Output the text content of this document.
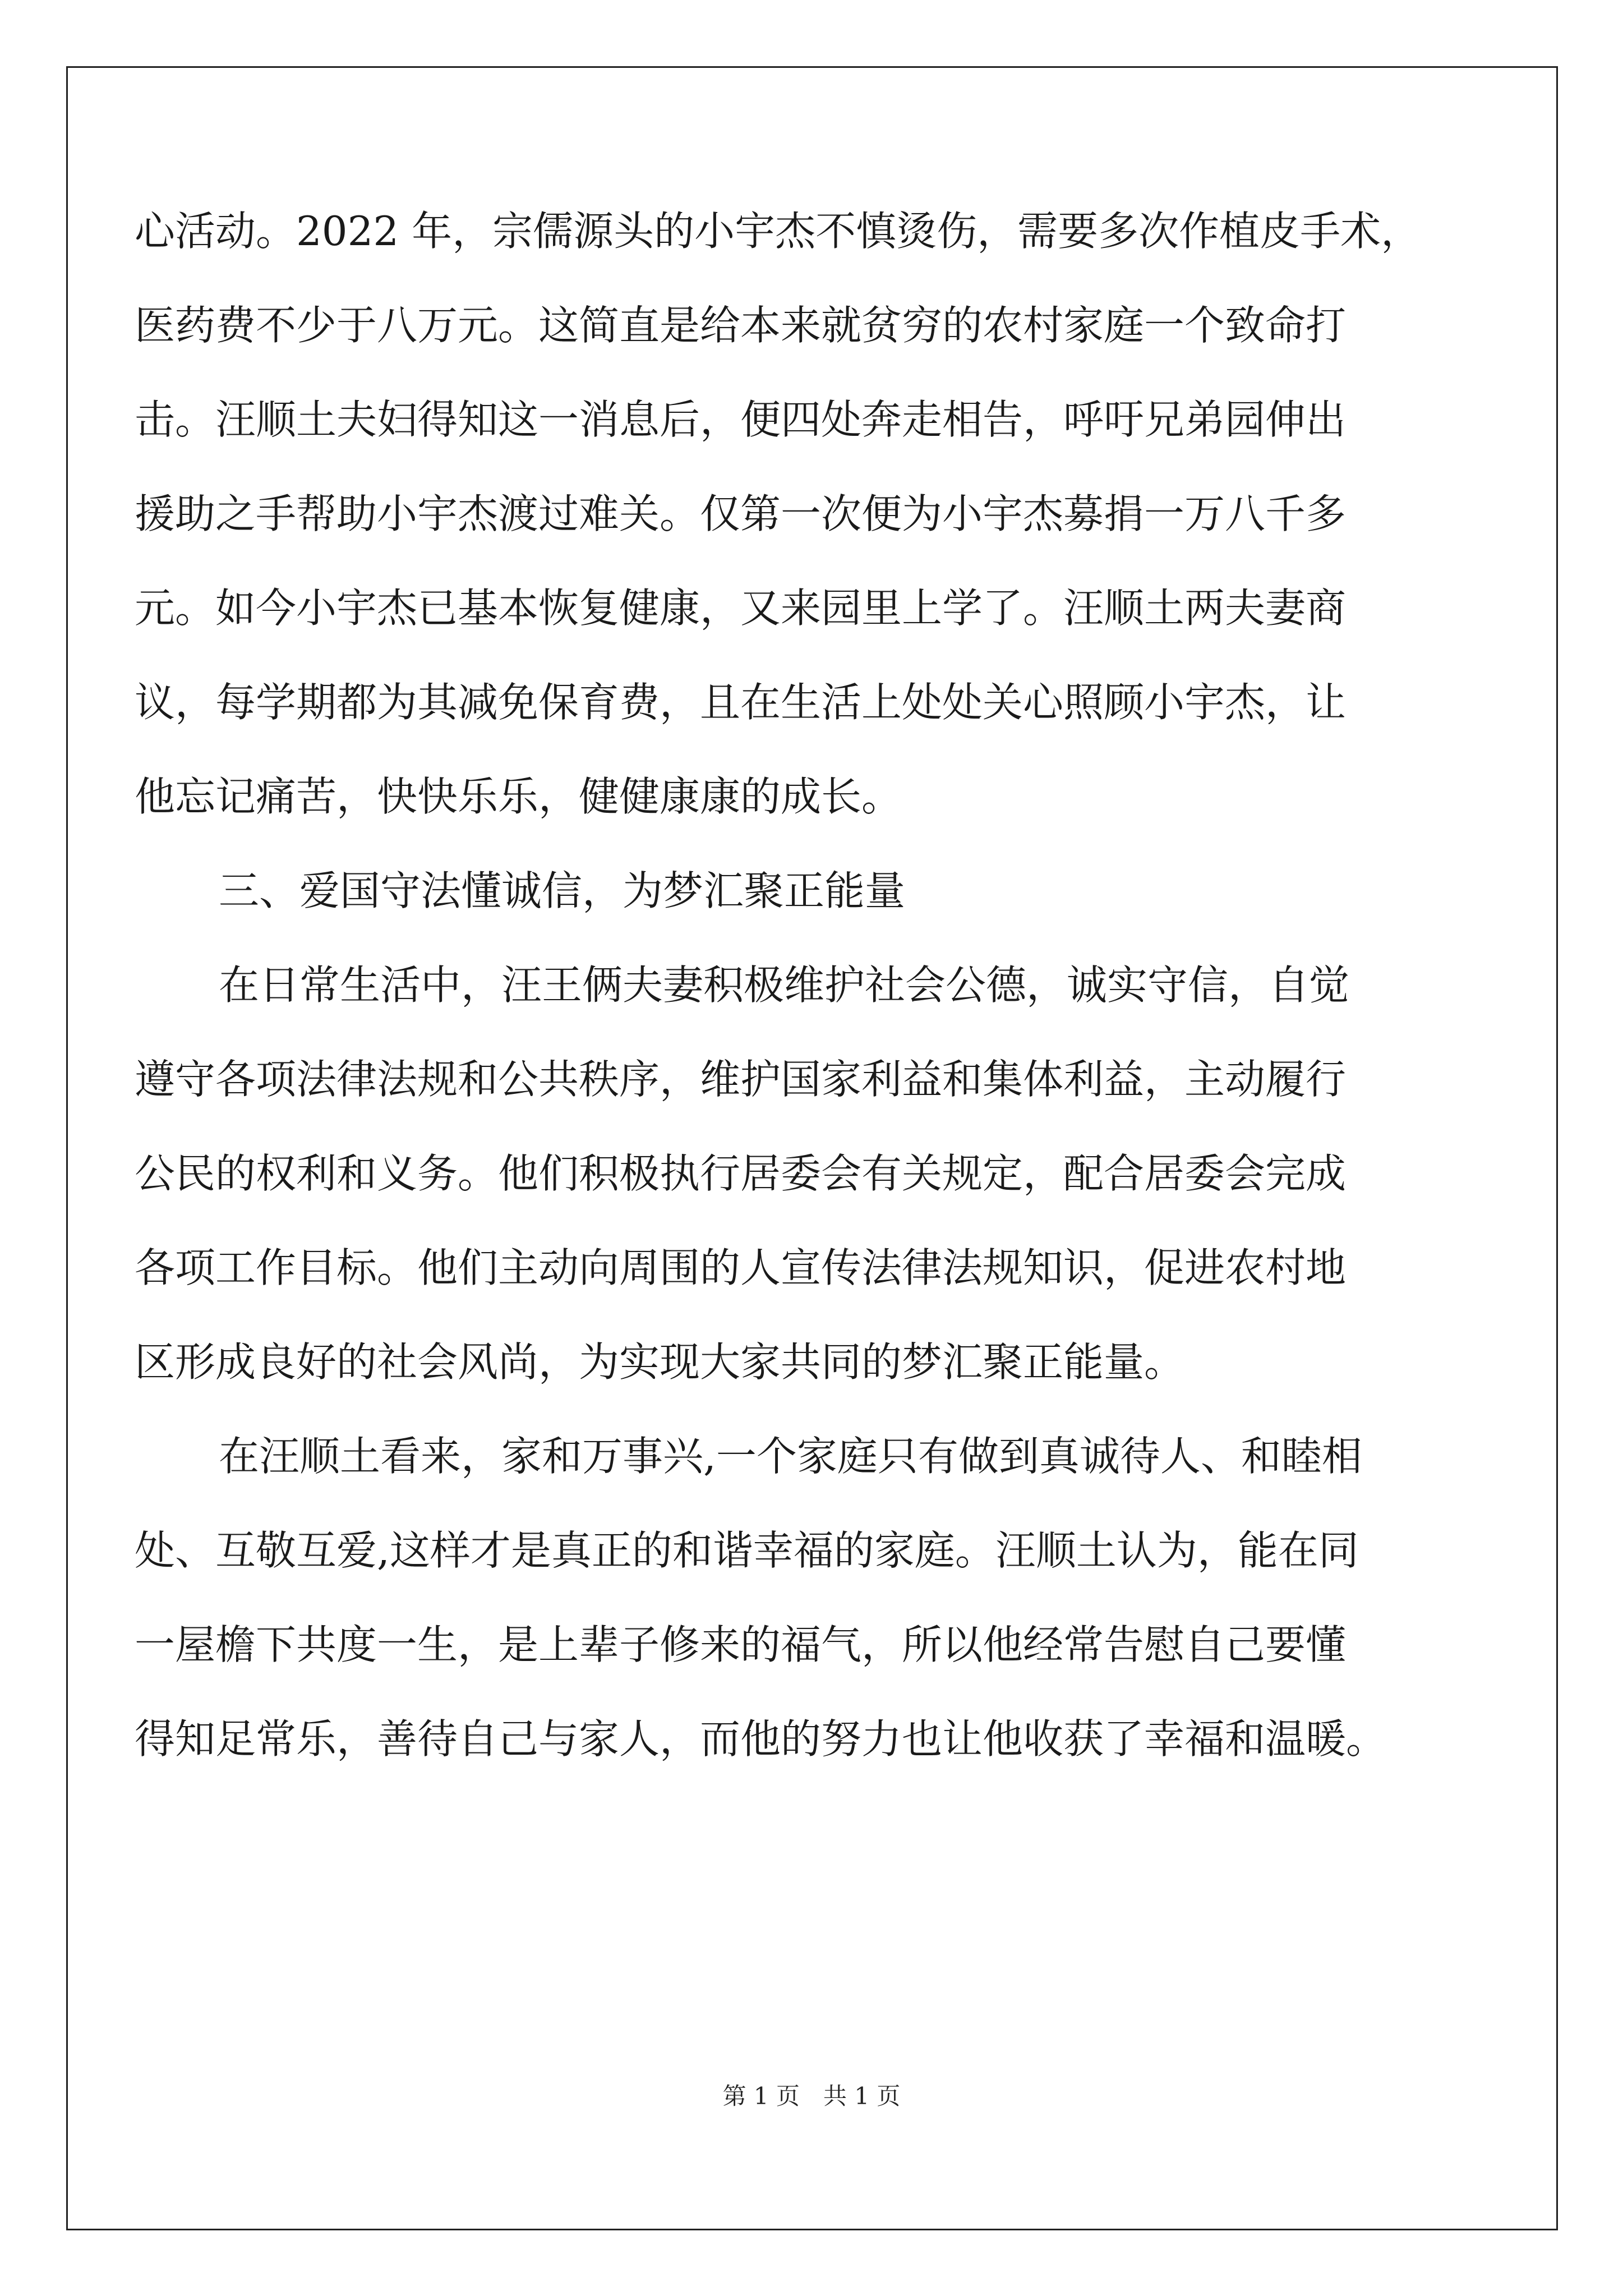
心活动。2022 年，宗儒源头的小宇杰不慎烫伤，需要多次作植皮手术，
医药费不少于八万元。这简直是给本来就贫穷的农村家庭一个致命打
击。汪顺土夫妇得知这一消息后，便四处奔走相告，呼吁兄弟园伸出
援助之手帮助小宇杰渡过难关。仅第一次便为小宇杰募捐一万八千多
元。如今小宇杰已基本恢复健康，又来园里上学了。汪顺土两夫妻商
议，每学期都为其减免保育费，且在生活上处处关心照顾小宇杰，让
他忘记痛苦，快快乐乐，健健康康的成长。
三、爱国守法懂诚信，为梦汇聚正能量
在日常生活中，汪王俩夫妻积极维护社会公德，诚实守信，自觉
遵守各项法律法规和公共秩序，维护国家利益和集体利益，主动履行
公民的权利和义务。他们积极执行居委会有关规定，配合居委会完成
各项工作目标。他们主动向周围的人宣传法律法规知识，促进农村地
区形成良好的社会风尚，为实现大家共同的梦汇聚正能量。
在汪顺土看来，家和万事兴,一个家庭只有做到真诚待人、和睦相
处、互敬互爱,这样才是真正的和谐幸福的家庭。汪顺土认为，能在同
一屋檐下共度一生，是上辈子修来的福气，所以他经常告慰自己要懂
得知足常乐，善待自己与家人，而他的努力也让他收获了幸福和温暖。
第 1 页　共 1 页
